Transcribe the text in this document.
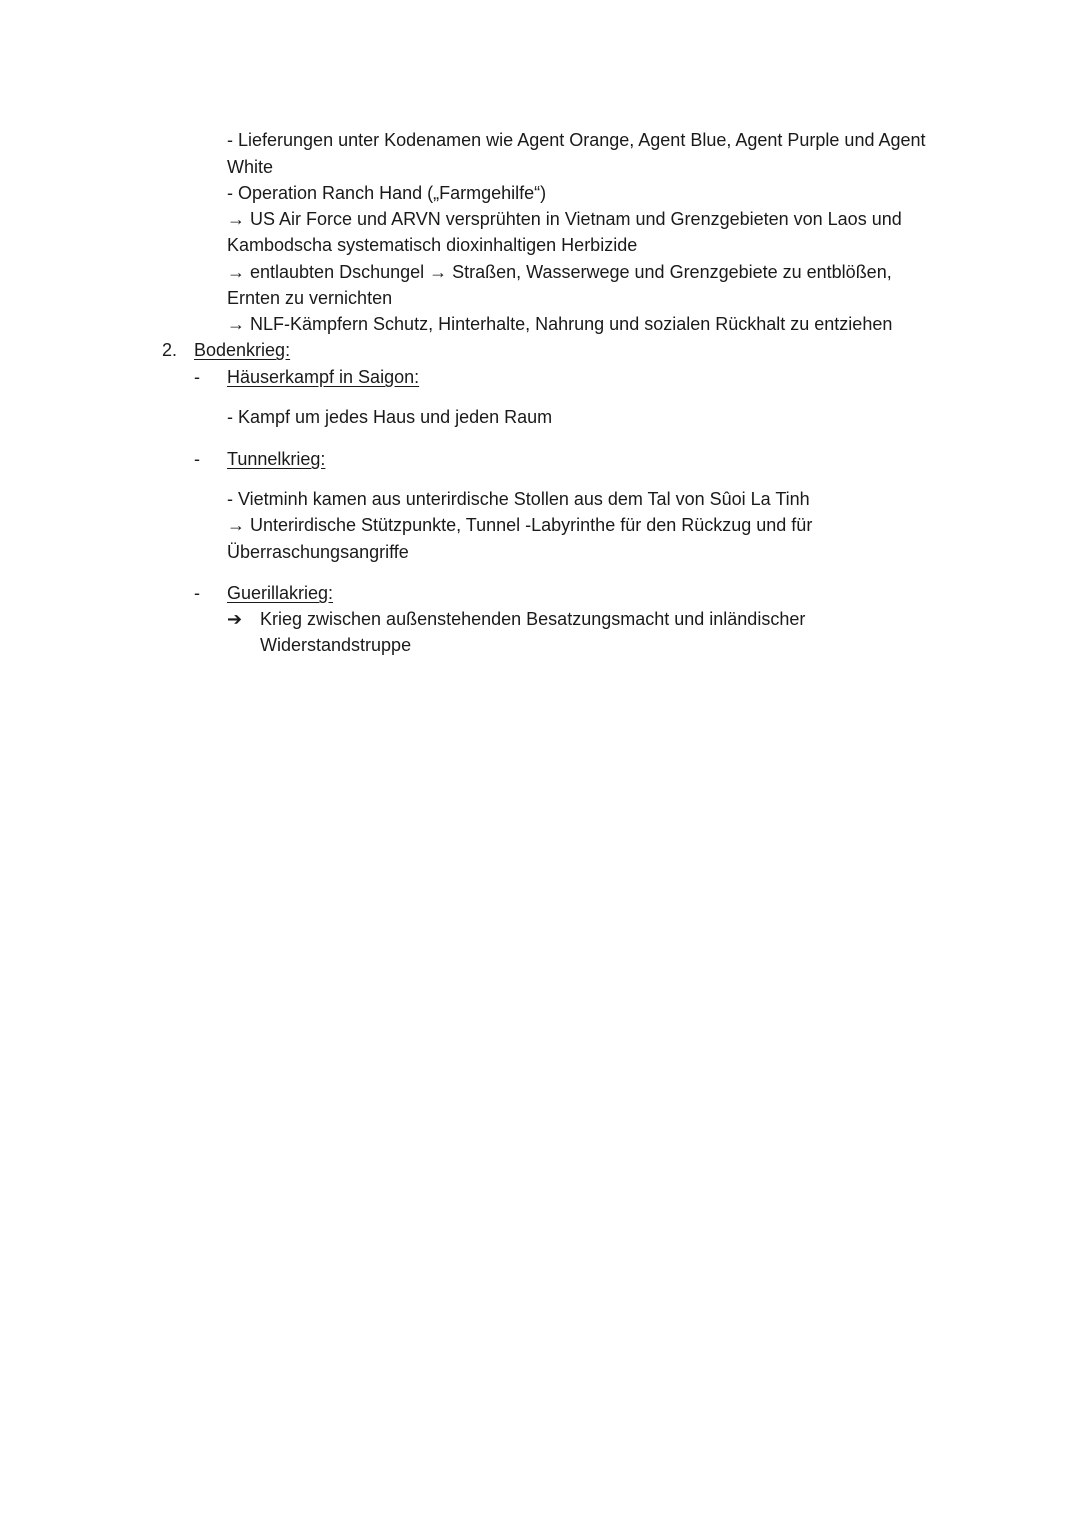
- Lieferungen unter Kodenamen wie Agent Orange, Agent Blue, Agent Purple und Agent
White
- Operation Ranch Hand („Farmgehilfe“)
→ US Air Force und ARVN versprühten in Vietnam und Grenzgebieten von Laos und
Kambodscha systematisch dioxinhaltigen Herbizide
→ entlaubten Dschungel → Straßen, Wasserwege und Grenzgebiete zu entblößen,
Ernten zu vernichten
→ NLF-Kämpfern Schutz, Hinterhalte, Nahrung und sozialen Rückhalt zu entziehen
2. Bodenkrieg:
- Häuserkampf in Saigon:
- Kampf um jedes Haus und jeden Raum
- Tunnelkrieg:
- Vietminh kamen aus unterirdische Stollen aus dem Tal von Sûoi La Tinh
→ Unterirdische Stützpunkte, Tunnel -Labyrinthe für den Rückzug und für
Überraschungsangriffe
- Guerillakrieg:
➔ Krieg zwischen außenstehenden Besatzungsmacht und inländischer
Widerstandstruppe
